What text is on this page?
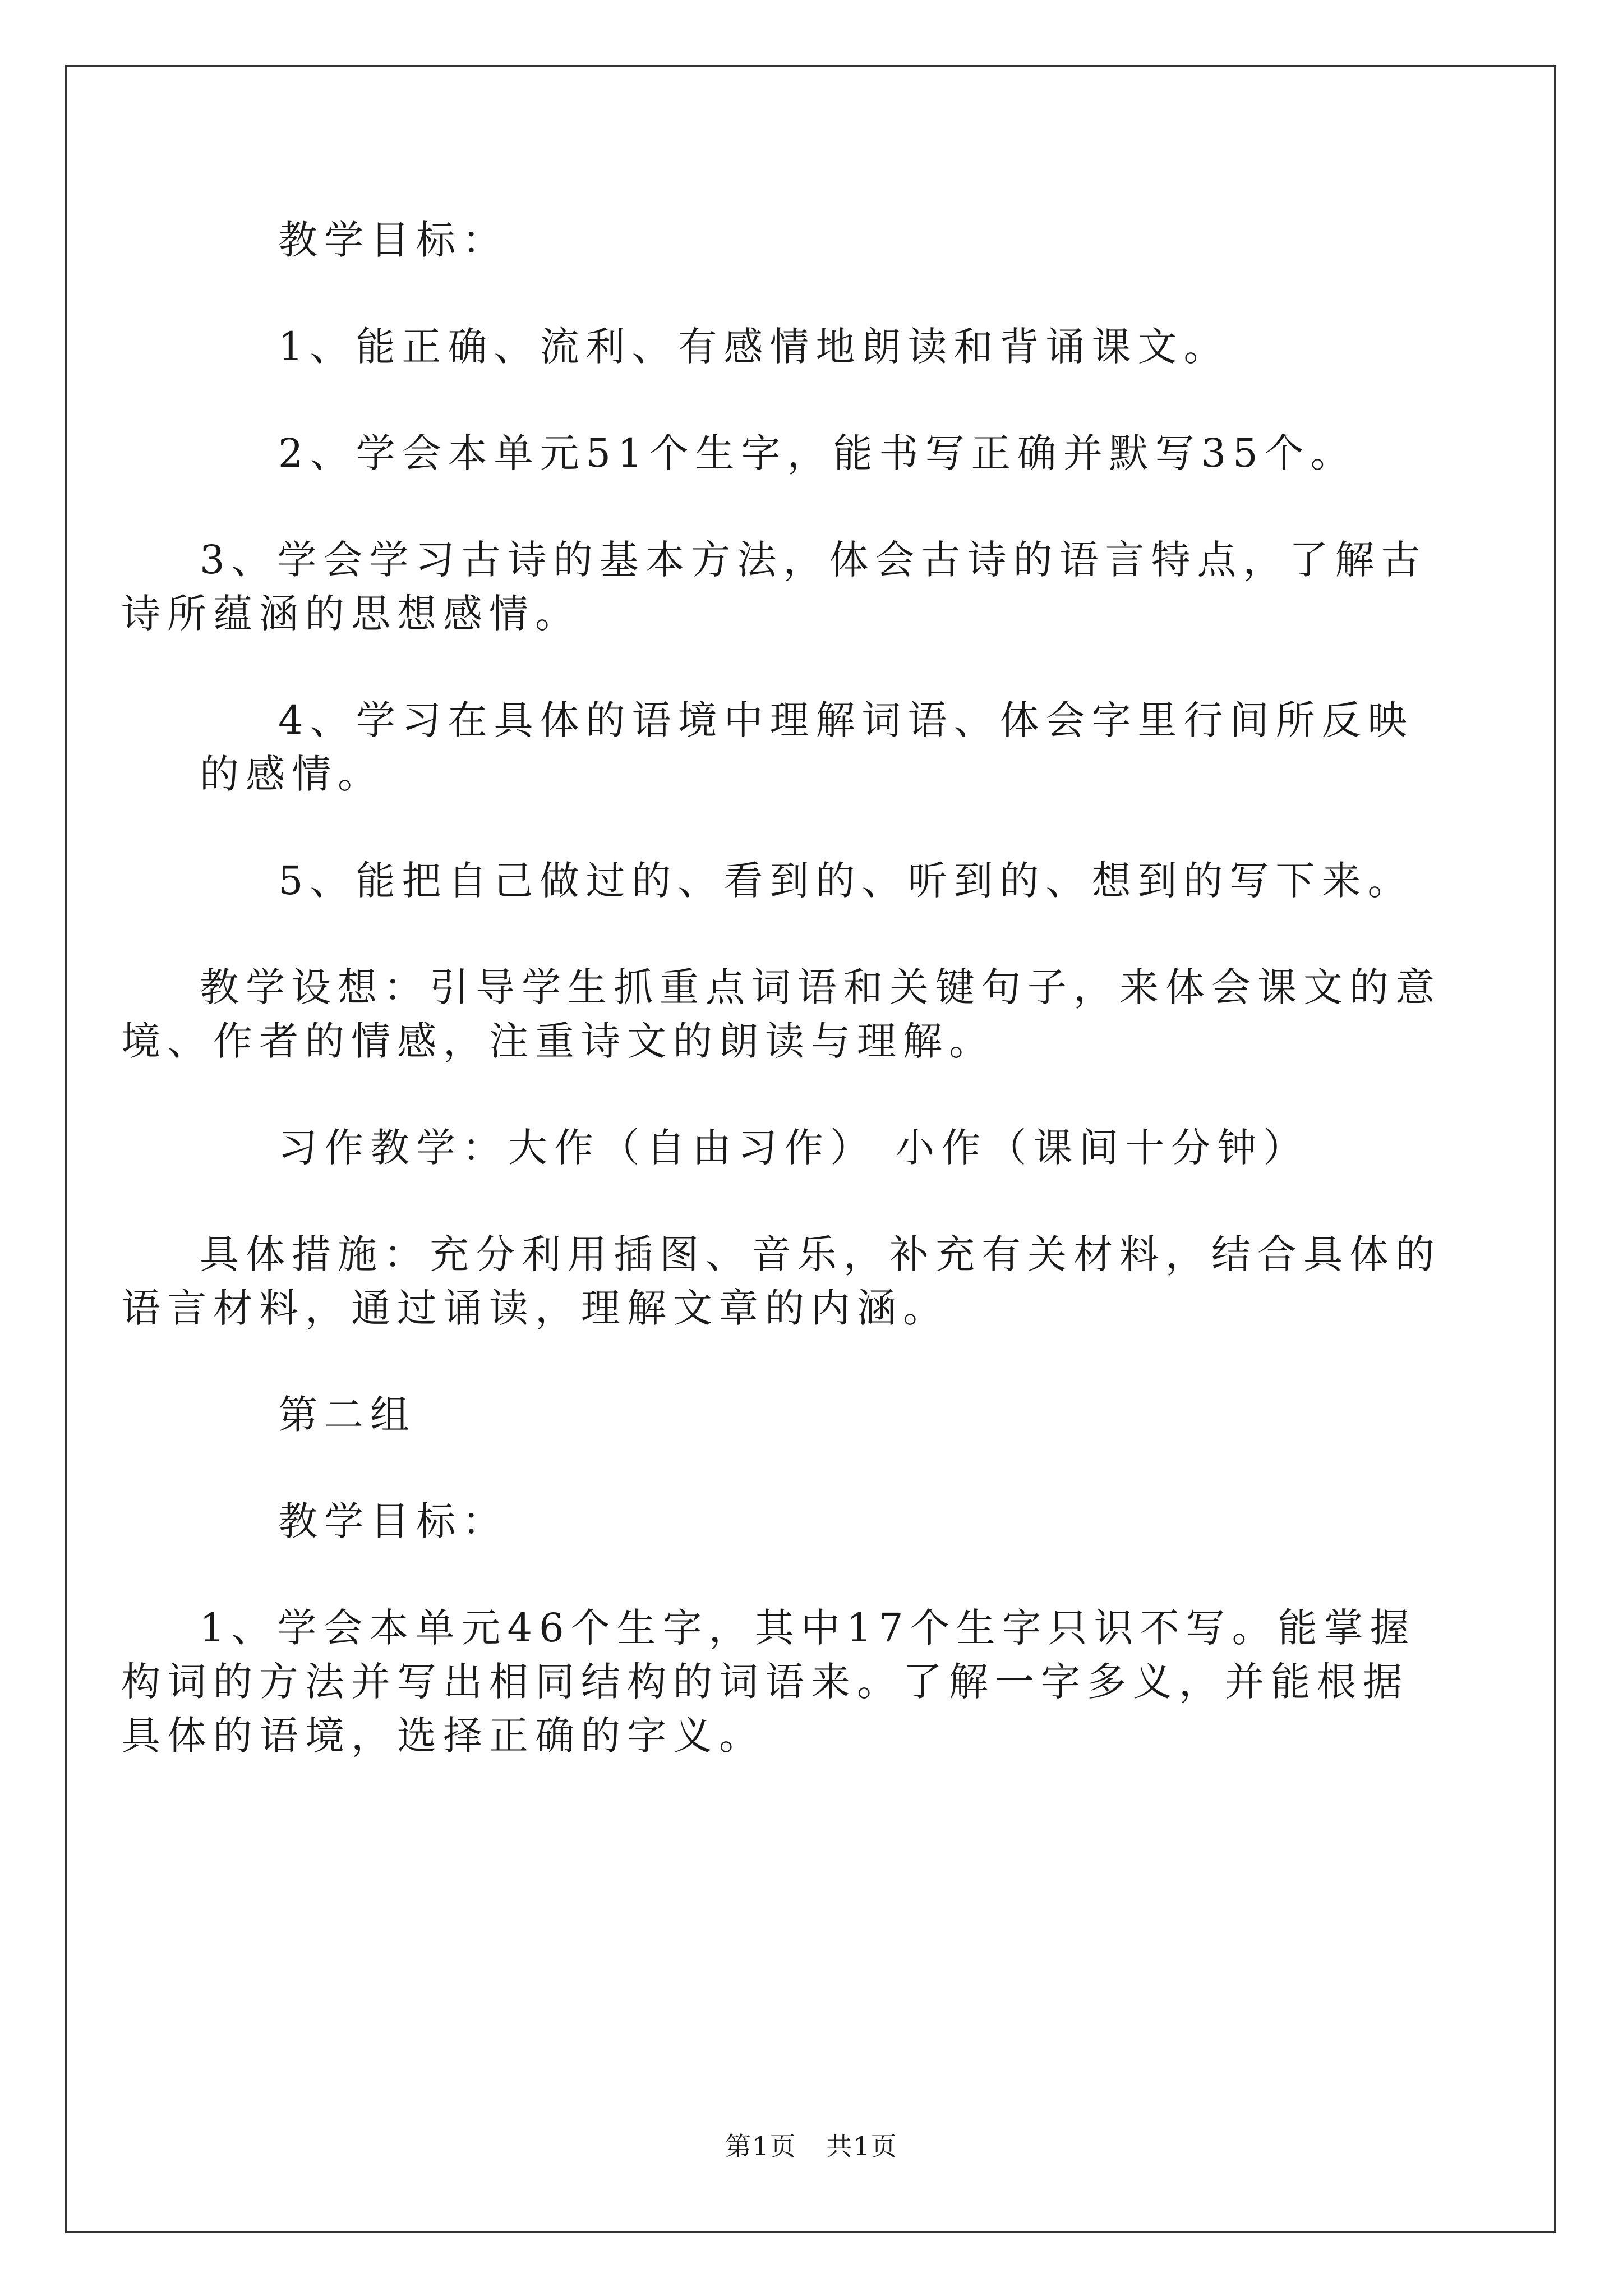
教学目标：

1、能正确、流利、有感情地朗读和背诵课文。

2、学会本单元51个生字，能书写正确并默写35个。

3、学会学习古诗的基本方法，体会古诗的语言特点，了解古诗所蕴涵的思想感情。

4、学习在具体的语境中理解词语、体会字里行间所反映的感情。

5、能把自己做过的、看到的、听到的、想到的写下来。

教学设想：引导学生抓重点词语和关键句子，来体会课文的意境、作者的情感，注重诗文的朗读与理解。

习作教学：大作（自由习作） 小作（课间十分钟）

具体措施：充分利用插图、音乐，补充有关材料，结合具体的语言材料，通过诵读，理解文章的内涵。

第二组

教学目标：

1、学会本单元46个生字，其中17个生字只识不写。能掌握构词的方法并写出相同结构的词语来。了解一字多义，并能根据具体的语境，选择正确的字义。

第1页 共1页
